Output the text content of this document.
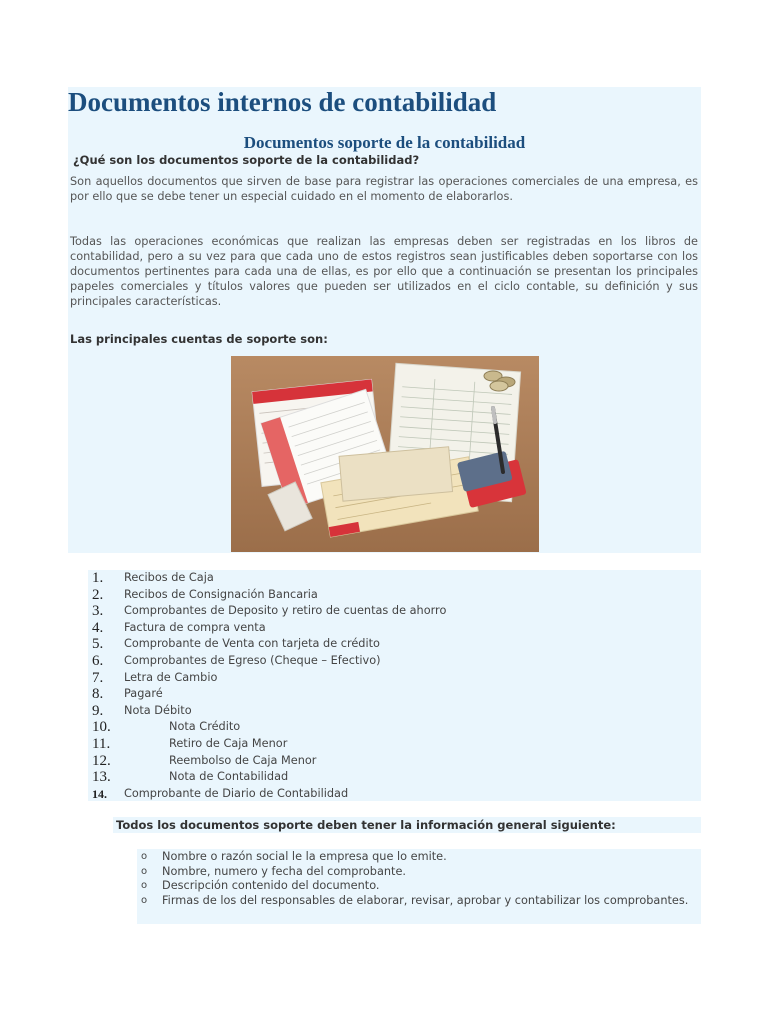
Documentos internos de contabilidad
Documentos soporte de la contabilidad
¿Qué son los documentos soporte de la contabilidad?

Son aquellos documentos que sirven de base para registrar las operaciones comerciales de una empresa, es por ello que se debe tener un especial cuidado en el momento de elaborarlos.

Todas las operaciones económicas que realizan las empresas deben ser registradas en los libros de contabilidad, pero a su vez para que cada uno de estos registros sean justificables deben soportarse con los documentos pertinentes para cada una de ellas, es por ello que a continuación se presentan los principales papeles comerciales y títulos valores que pueden ser utilizados en el ciclo contable, su definición y sus principales características.

Las principales cuentas de soporte son:
1. Recibos de Caja
2. Recibos de Consignación Bancaria
3. Comprobantes de Deposito y retiro de cuentas de ahorro
4. Factura de compra venta
5. Comprobante de Venta con tarjeta de crédito
6. Comprobantes de Egreso (Cheque – Efectivo)
7. Letra de Cambio
8. Pagaré
9. Nota Débito
10.	Nota Crédito
11.	Retiro de Caja Menor
12.	Reembolso de Caja Menor
13.	Nota de Contabilidad
14. Comprobante de Diario de Contabilidad
Todos los documentos soporte deben tener la información general siguiente:
o Nombre o razón social le la empresa que lo emite.
o Nombre, numero y fecha del comprobante.
o Descripción contenido del documento.
o Firmas de los del responsables de elaborar, revisar, aprobar y contabilizar los comprobantes.
